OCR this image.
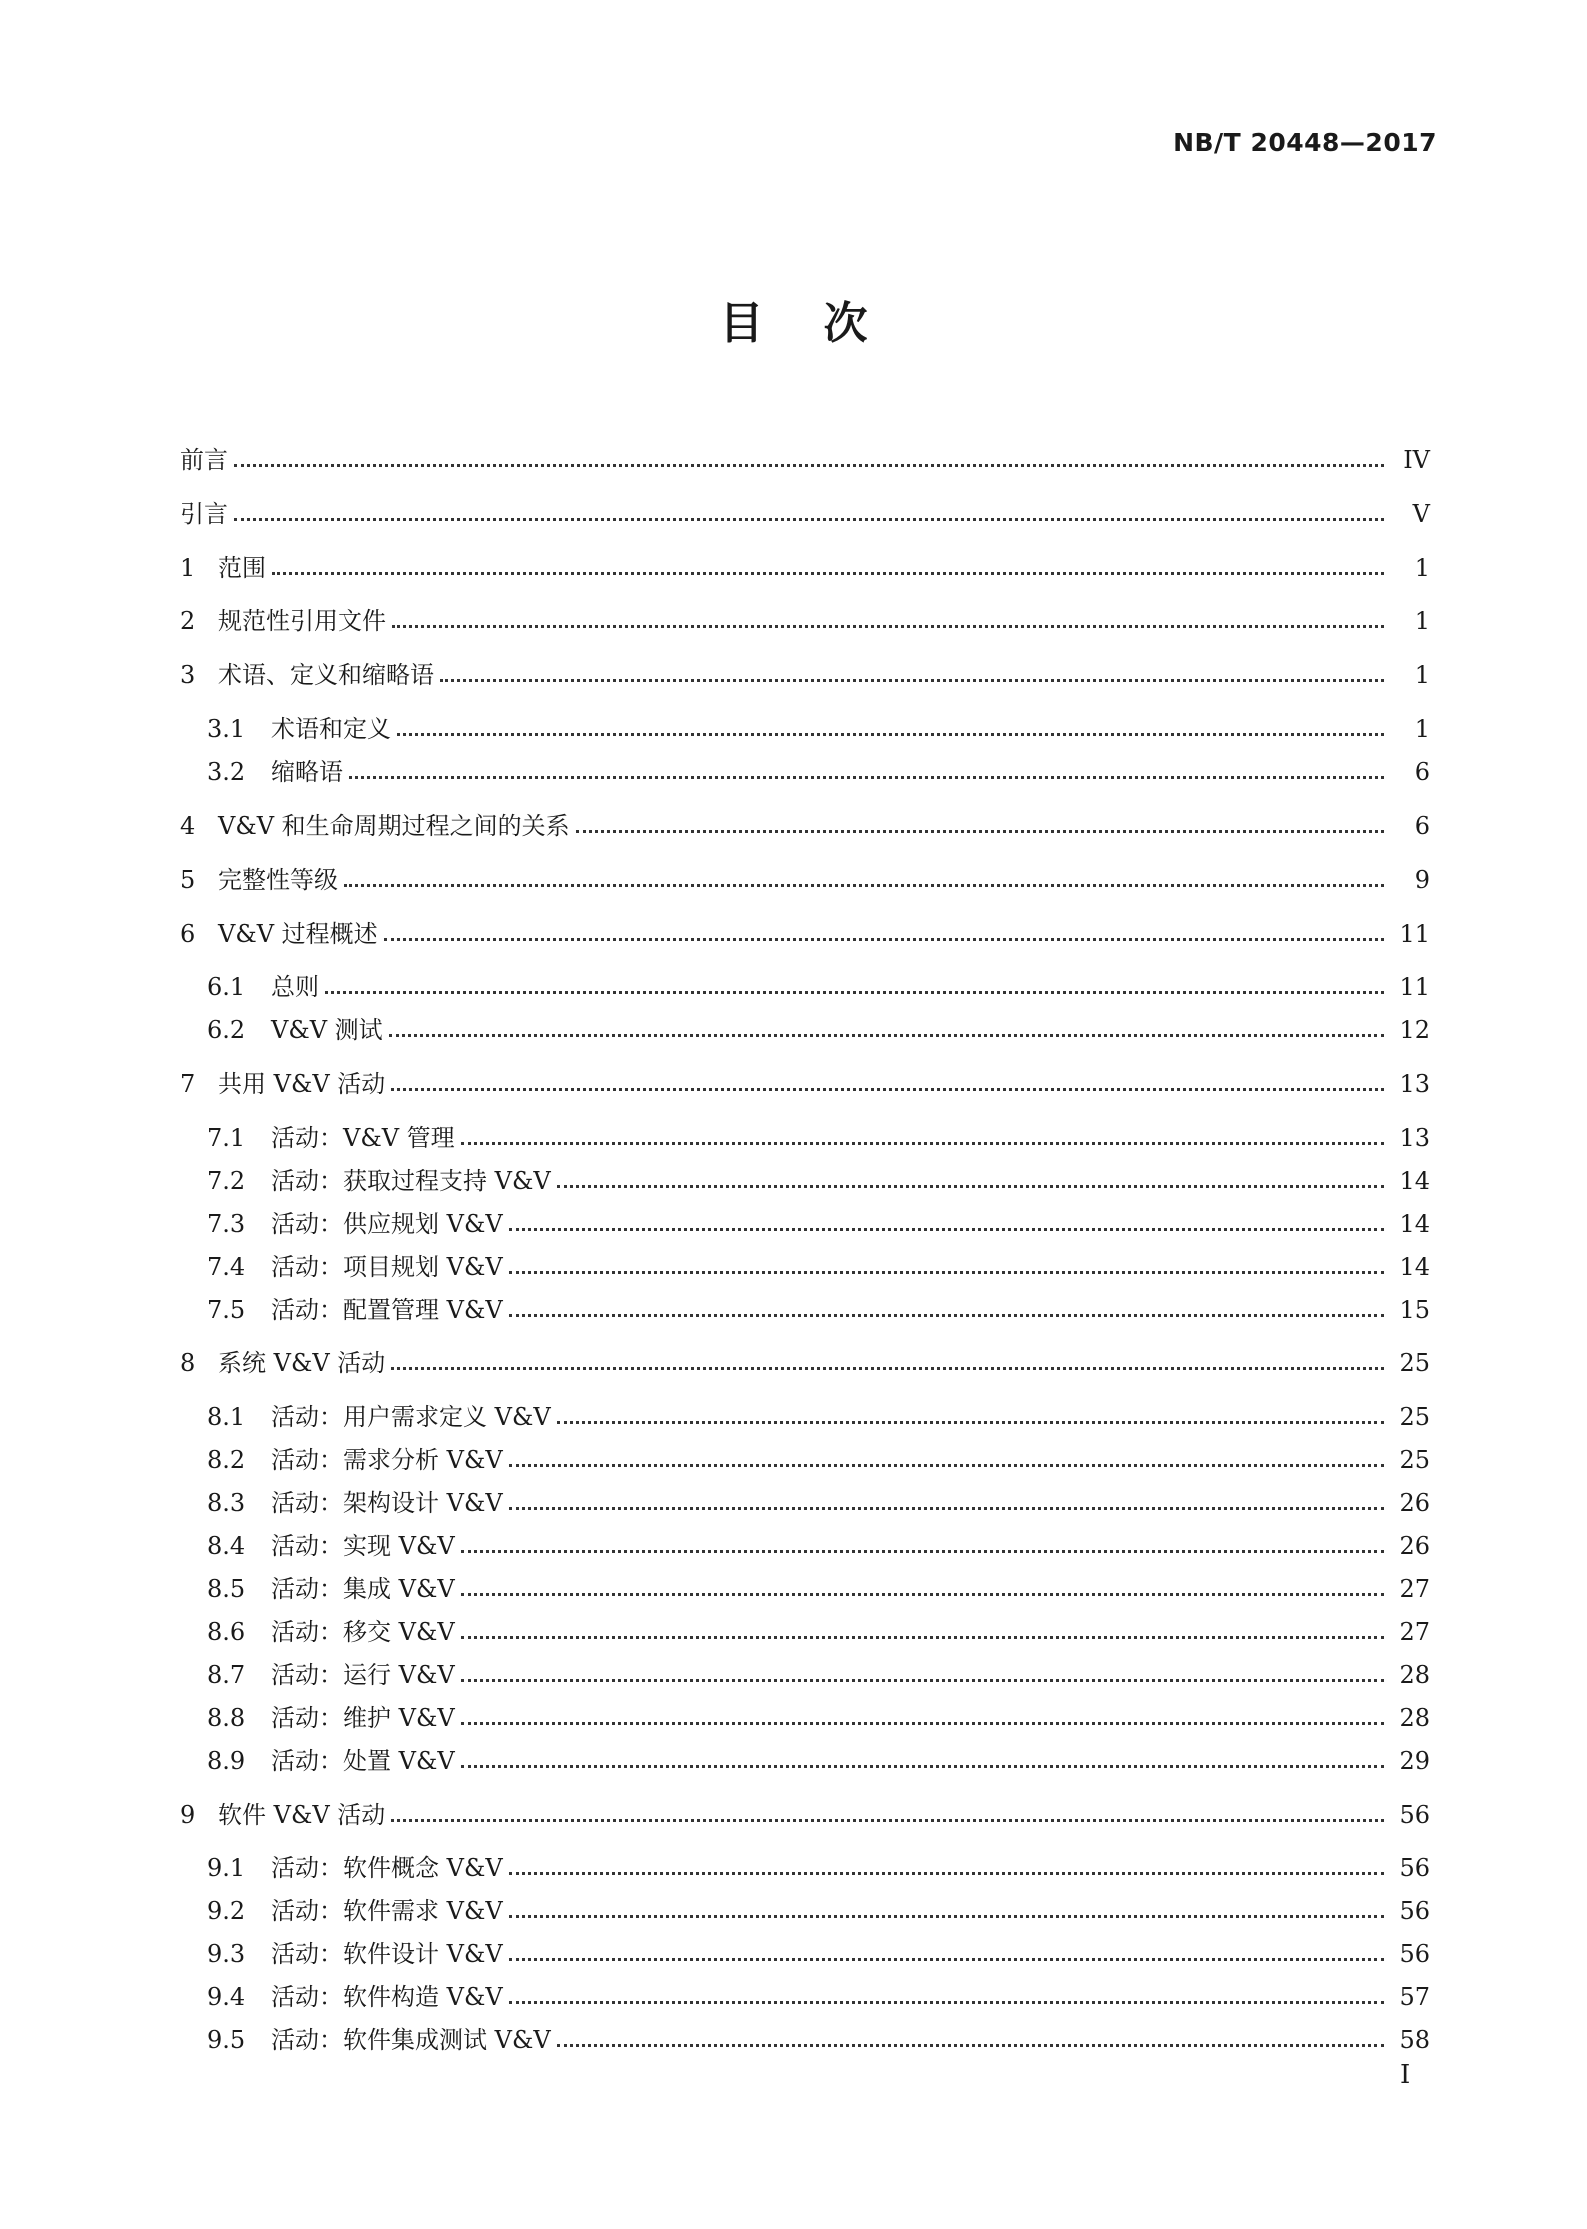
NB/T 20448—2017
目 次
前言	IV
引言	V
1 范围	1
2 规范性引用文件	1
3 术语、定义和缩略语	1
3.1	术语和定义	1
3.2	缩略语	6
4 V&V 和生命周期过程之间的关系	6
5 完整性等级	9
6 V&V 过程概述	11
6.1	总则	11
6.2	V&V 测试	12
7 共用 V&V 活动	13
7.1	活动：V&V 管理	13
7.2	活动：获取过程支持 V&V	14
7.3	活动：供应规划 V&V	14
7.4	活动：项目规划 V&V	14
7.5	活动：配置管理 V&V	15
8 系统 V&V 活动	25
8.1	活动：用户需求定义 V&V	25
8.2	活动：需求分析 V&V	25
8.3	活动：架构设计 V&V	26
8.4	活动：实现 V&V	26
8.5	活动：集成 V&V	27
8.6	活动：移交 V&V	27
8.7	活动：运行 V&V	28
8.8	活动：维护 V&V	28
8.9	活动：处置 V&V	29
9 软件 V&V 活动	56
9.1	活动：软件概念 V&V	56
9.2	活动：软件需求 V&V	56
9.3	活动：软件设计 V&V	56
9.4	活动：软件构造 V&V	57
9.5	活动：软件集成测试 V&V	58
I
